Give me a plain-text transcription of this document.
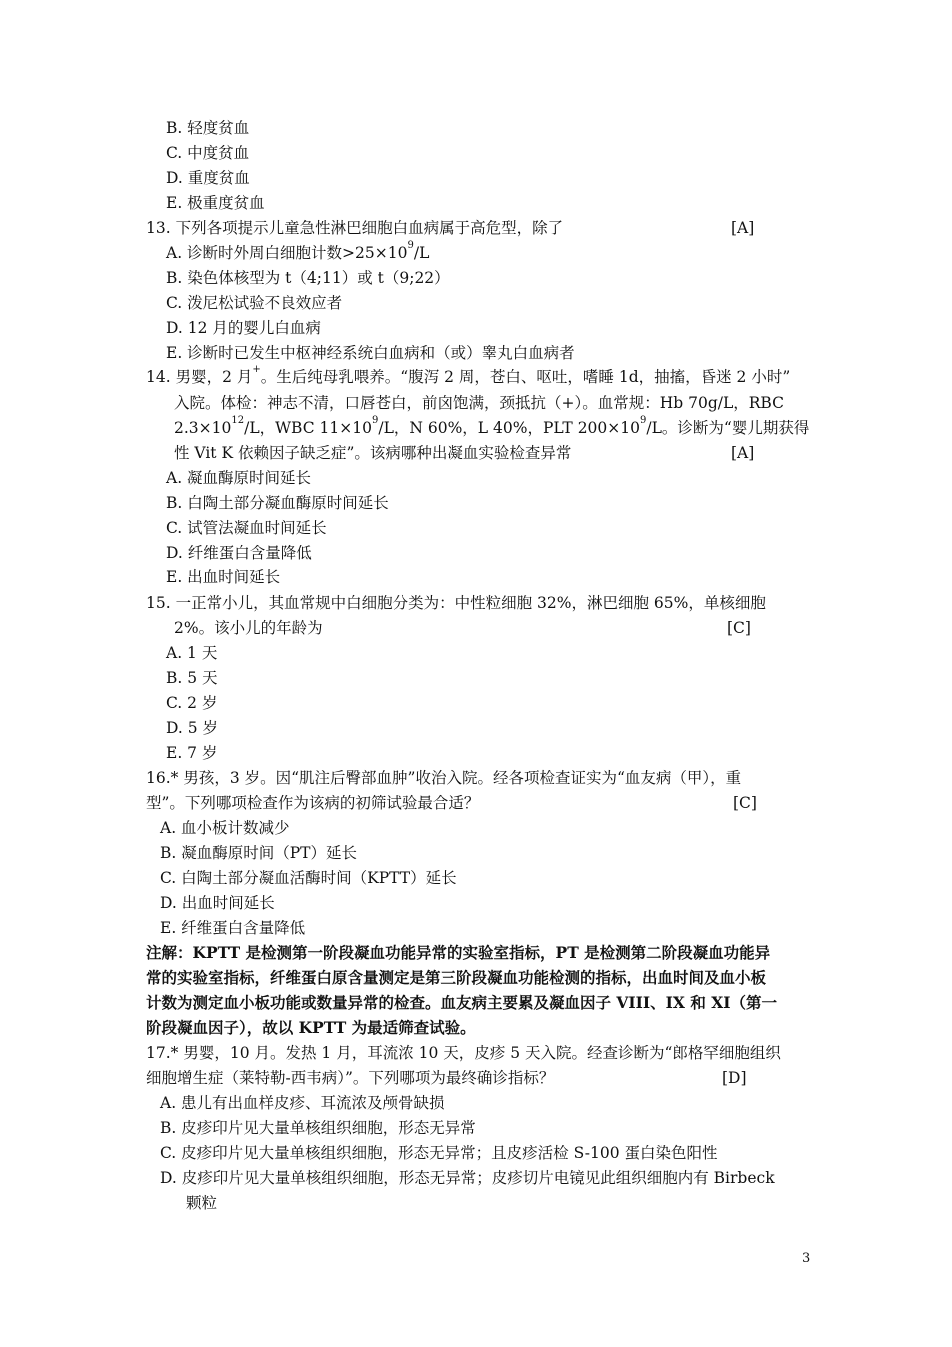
B. 轻度贫血
C. 中度贫血
D. 重度贫血
E. 极重度贫血
13. 下列各项提示儿童急性淋巴细胞白血病属于高危型，除了	[A]
A. 诊断时外周白细胞计数$>25\times 10^9/L$
B. 染色体核型为 t（4;11）或 t（9;22）
C. 泼尼松试验不良效应者
D. 12 月的婴儿白血病
E. 诊断时已发生中枢神经系统白血病和（或）睾丸白血病者
14. 男婴，2 月+。生后纯母乳喂养。“腹泻 2 周，苍白、呕吐，嗜睡 1d，抽搐，昏迷 2 小时”
入院。体检：神志不清，口唇苍白，前囟饱满，颈抵抗（+）。血常规：Hb 70g/L，RBC
$2.3\times 10^{12}/L$，WBC $11\times 10^9/L$，N 60%，L 40%，PLT $200\times 10^9/L$。诊断为“婴儿期获得
性 Vit K 依赖因子缺乏症”。该病哪种出凝血实验检查异常	[A]
A. 凝血酶原时间延长
B. 白陶土部分凝血酶原时间延长
C. 试管法凝血时间延长
D. 纤维蛋白含量降低
E. 出血时间延长
15. 一正常小儿，其血常规中白细胞分类为：中性粒细胞 32%，淋巴细胞 65%，单核细胞
2%。该小儿的年龄为	[C]
A. 1 天
B. 5 天
C. 2 岁
D. 5 岁
E. 7 岁
16.* 男孩，3 岁。因“肌注后臀部血肿”收治入院。经各项检查证实为“血友病（甲），重
型”。下列哪项检查作为该病的初筛试验最合适？	[C]
A. 血小板计数减少
B. 凝血酶原时间（PT）延长
C. 白陶土部分凝血活酶时间（KPTT）延长
D. 出血时间延长
E. 纤维蛋白含量降低
注解：KPTT 是检测第一阶段凝血功能异常的实验室指标，PT 是检测第二阶段凝血功能异
常的实验室指标，纤维蛋白原含量测定是第三阶段凝血功能检测的指标，出血时间及血小板
计数为测定血小板功能或数量异常的检查。血友病主要累及凝血因子 VIII、IX 和 XI（第一
阶段凝血因子），故以 KPTT 为最适筛查试验。
17.* 男婴，10 月。发热 1 月，耳流浓 10 天，皮疹 5 天入院。经查诊断为“郎格罕细胞组织
细胞增生症（莱特勒-西韦病）”。下列哪项为最终确诊指标？	[D]
A. 患儿有出血样皮疹、耳流浓及颅骨缺损
B. 皮疹印片见大量单核组织细胞，形态无异常
C. 皮疹印片见大量单核组织细胞，形态无异常；且皮疹活检 S-100 蛋白染色阳性
D. 皮疹印片见大量单核组织细胞，形态无异常；皮疹切片电镜见此组织细胞内有 Birbeck
颗粒
3
